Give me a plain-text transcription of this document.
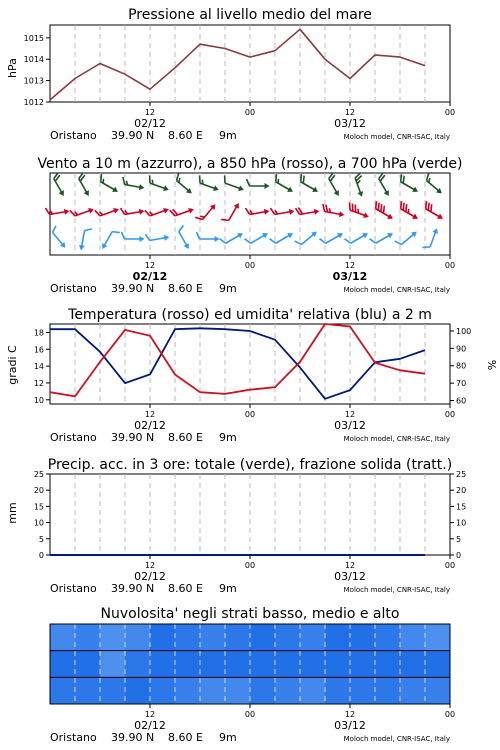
Pressione al livello medio del mare
hPa
1012
1013
1014
1015
12	00	12	00
02/12	03/12
Oristano 39.90 N 8.60 E 9m	Moloch model, CNR-ISAC, Italy
Vento a 10 m (azzurro), a 850 hPa (rosso), a 700 hPa (verde)
12	00	12	00
02/12	03/12
Oristano 39.90 N 8.60 E 9m	Moloch model, CNR-ISAC, Italy
Temperatura (rosso) ed umidita' relativa (blu) a 2 m
gradi C	%
10
12
14
16
18
60
70
80
90
100
12	00	12	00
02/12	03/12
Oristano 39.90 N 8.60 E 9m	Moloch model, CNR-ISAC, Italy
Precip. acc. in 3 ore: totale (verde), frazione solida (tratt.)
mm
0
5
10
15
20
25
0
5
10
15
20
25
12	00	12	00
02/12	03/12
Oristano 39.90 N 8.60 E 9m	Moloch model, CNR-ISAC, Italy
Nuvolosita' negli strati basso, medio e alto
12	00	12	00
02/12	03/12
Oristano 39.90 N 8.60 E 9m	Moloch model, CNR-ISAC, Italy
